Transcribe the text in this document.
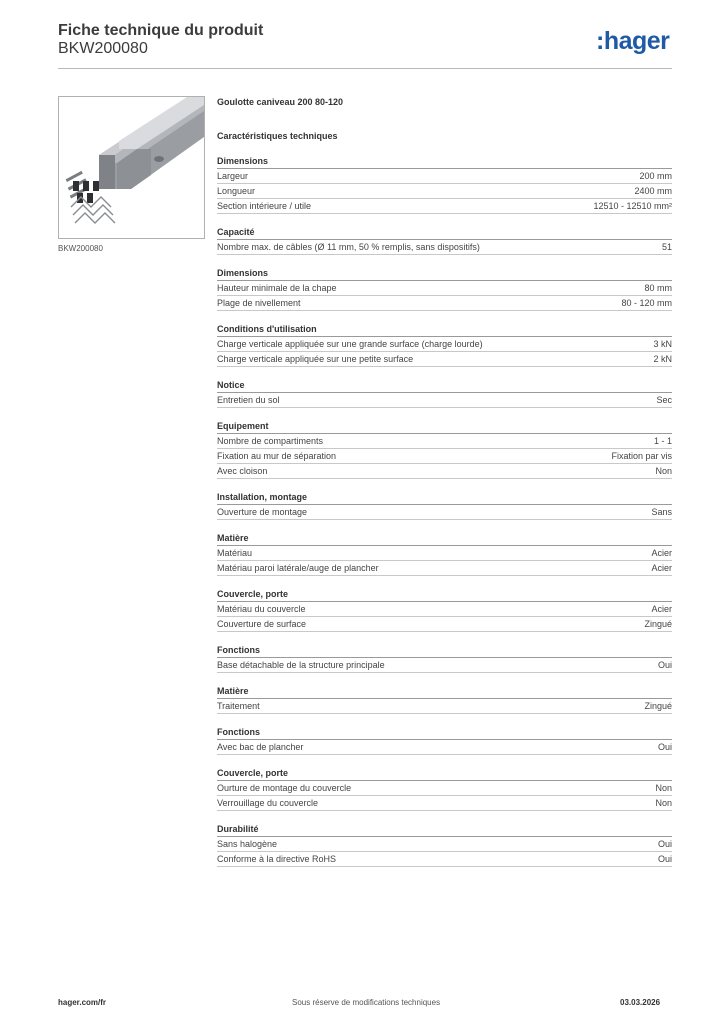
Fiche technique du produit
BKW200080	:hager
BKW200080
Goulotte caniveau 200 80-120
Caractéristiques techniques
Dimensions
Largeur	200 mm
Longueur	2400 mm
Section intérieure / utile	12510 - 12510 mm²
Capacité
Nombre max. de câbles (Ø 11 mm, 50 % remplis, sans dispositifs)	51
Dimensions
Hauteur minimale de la chape	80 mm
Plage de nivellement	80 - 120 mm
Conditions d'utilisation
Charge verticale appliquée sur une grande surface (charge lourde)	3 kN
Charge verticale appliquée sur une petite surface	2 kN
Notice
Entretien du sol	Sec
Equipement
Nombre de compartiments	1 - 1
Fixation au mur de séparation	Fixation par vis
Avec cloison	Non
Installation, montage
Ouverture de montage	Sans
Matière
Matériau	Acier
Matériau paroi latérale/auge de plancher	Acier
Couvercle, porte
Matériau du couvercle	Acier
Couverture de surface	Zingué
Fonctions
Base détachable de la structure principale	Oui
Matière
Traitement	Zingué
Fonctions
Avec bac de plancher	Oui
Couvercle, porte
Ourture de montage du couvercle	Non
Verrouillage du couvercle	Non
Durabilité
Sans halogène	Oui
Conforme à la directive RoHS	Oui
hager.com/fr	Sous réserve de modifications techniques	03.03.2026
